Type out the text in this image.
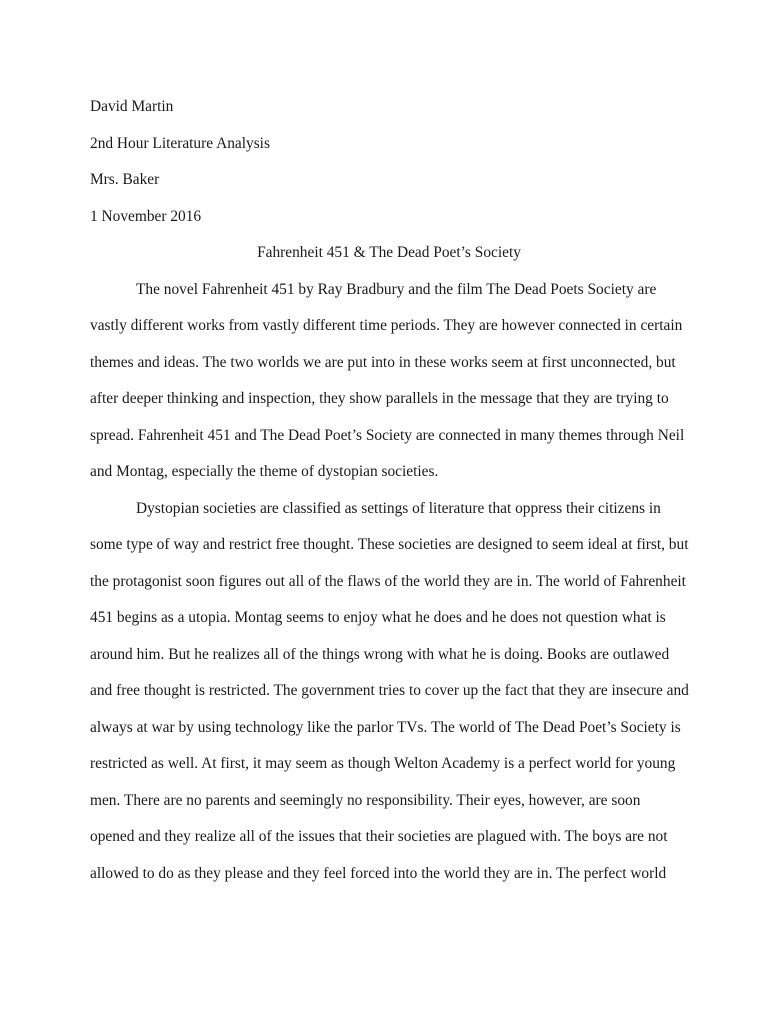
David Martin
2nd Hour Literature Analysis
Mrs. Baker
1 November 2016
Fahrenheit 451 & The Dead Poet’s Society
The novel Fahrenheit 451 by Ray Bradbury and the film The Dead Poets Society are
vastly different works from vastly different time periods. They are however connected in certain
themes and ideas. The two worlds we are put into in these works seem at first unconnected, but
after deeper thinking and inspection, they show parallels in the message that they are trying to
spread. Fahrenheit 451 and The Dead Poet’s Society are connected in many themes through Neil
and Montag, especially the theme of dystopian societies.
Dystopian societies are classified as settings of literature that oppress their citizens in
some type of way and restrict free thought. These societies are designed to seem ideal at first, but
the protagonist soon figures out all of the flaws of the world they are in. The world of Fahrenheit
451 begins as a utopia. Montag seems to enjoy what he does and he does not question what is
around him. But he realizes all of the things wrong with what he is doing. Books are outlawed
and free thought is restricted. The government tries to cover up the fact that they are insecure and
always at war by using technology like the parlor TVs. The world of The Dead Poet’s Society is
restricted as well. At first, it may seem as though Welton Academy is a perfect world for young
men. There are no parents and seemingly no responsibility. Their eyes, however, are soon
opened and they realize all of the issues that their societies are plagued with. The boys are not
allowed to do as they please and they feel forced into the world they are in. The perfect world
